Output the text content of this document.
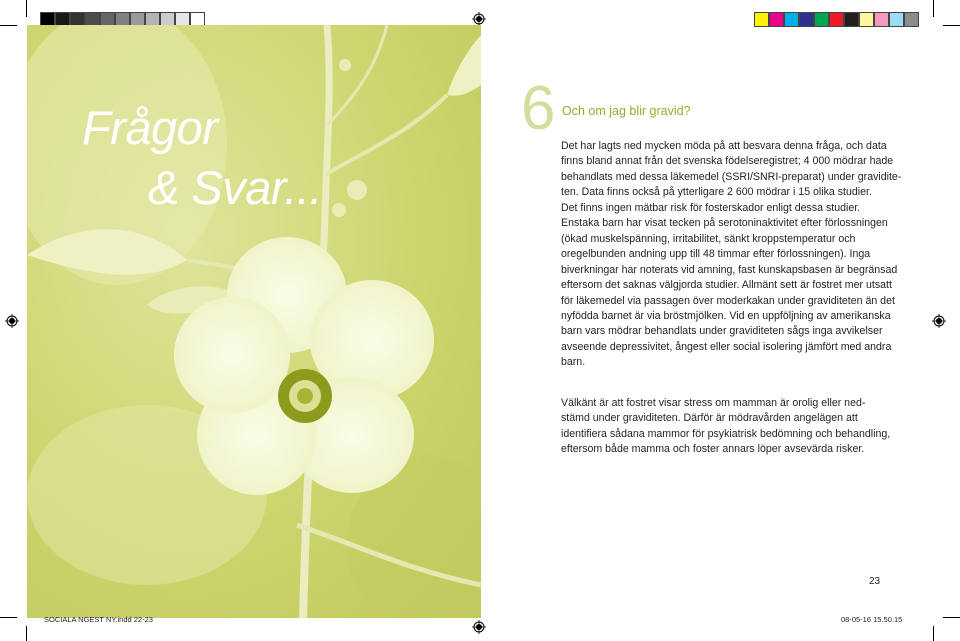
Frågor
& Svar...
6 Och om jag blir gravid?

Det har lagts ned mycken möda på att besvara denna fråga, och data
finns bland annat från det svenska födelseregistret; 4 000 mödrar hade
behandlats med dessa läkemedel (SSRI/SNRI-preparat) under gravidite-
ten. Data finns också på ytterligare 2 600 mödrar i 15 olika studier.
Det finns ingen mätbar risk för fosterskador enligt dessa studier.
Enstaka barn har visat tecken på serotoninaktivitet efter förlossningen
(ökad muskelspänning, irritabilitet, sänkt kroppstemperatur och
oregelbunden andning upp till 48 timmar efter förlossningen). Inga
biverkningar har noterats vid amning, fast kunskapsbasen är begränsad
eftersom det saknas välgjorda studier. Allmänt sett är fostret mer utsatt
för läkemedel via passagen över moderkakan under graviditeten än det
nyfödda barnet är via bröstmjölken. Vid en uppföljning av amerikanska
barn vars mödrar behandlats under graviditeten sågs inga avvikelser
avseende depressivitet, ångest eller social isolering jämfört med andra
barn.

Välkänt är att fostret visar stress om mamman är orolig eller ned-
stämd under graviditeten. Därför är mödravården angelägen att
identifiera sådana mammor för psykiatrisk bedömning och behandling,
eftersom både mamma och foster annars löper avsevärda risker.

23
SOCIALA NGEST NY.indd 22-23	08-05-16 15.50.15
